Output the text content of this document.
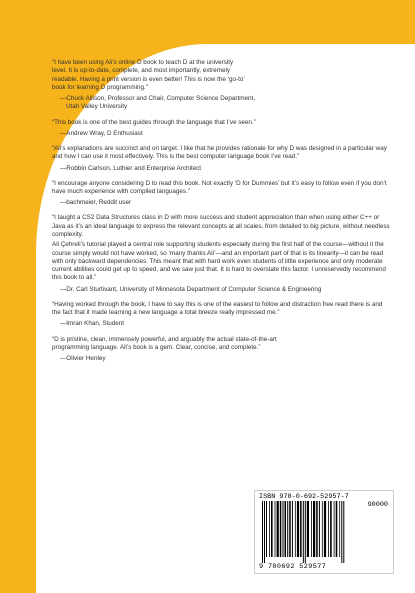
“I have been using Ali’s online D book to teach D at the university level. It is up-to-date, complete, and most importantly, extremely readable. Having a print version is even better! This is now the ‘go-to’ book for learning D programming.”

—Chuck Allison, Professor and Chair, Computer Science Department, Utah Valley University

“This book is one of the best guides through the language that I’ve seen.”

—Andrew Wray, D Enthusiast

“Ali’s explanations are succinct and on target. I like that he provides rationale for why D was designed in a particular way and how I can use it most effectively. This is the best computer language book I’ve read.”

—Robbin Carlson, Luthier and Enterprise Architect

“I encourage anyone considering D to read this book. Not exactly ‘D for Dummies’ but it’s easy to follow even if you don’t have much experience with compiled languages.”

—bachmeier, Reddit user

“I taught a CS2 Data Structures class in D with more success and student appreciation than when using either C++ or Java as it’s an ideal language to express the relevant concepts at all scales, from detailed to big picture, without needless complexity.

Ali Çehreli’s tutorial played a central role supporting students especially during the first half of the course—without it the course simply would not have worked, so ‘many thanks Ali’—and an important part of that is its linearity—it can be read with only backward dependencies. This meant that with hard work even students of little experience and only moderate current abilities could get up to speed, and we saw just that. It is hard to overstate this factor. I unreservedly recommend this book to all.”

—Dr. Carl Sturtivant, University of Minnesota Department of Computer Science & Engineering

“Having worked through the book, I have to say this is one of the easiest to follow and distraction free read there is and the fact that it made learning a new language a total breeze really impressed me.”

—Imran Khan, Student

“D is pristine, clean, immensely powerful, and arguably the actual state-of-the-art programming language. Ali’s book is a gem. Clear, concise, and complete.”

—Olivier Henley
ISBN 978-0-692-52957-7
90000
9 780692 529577
